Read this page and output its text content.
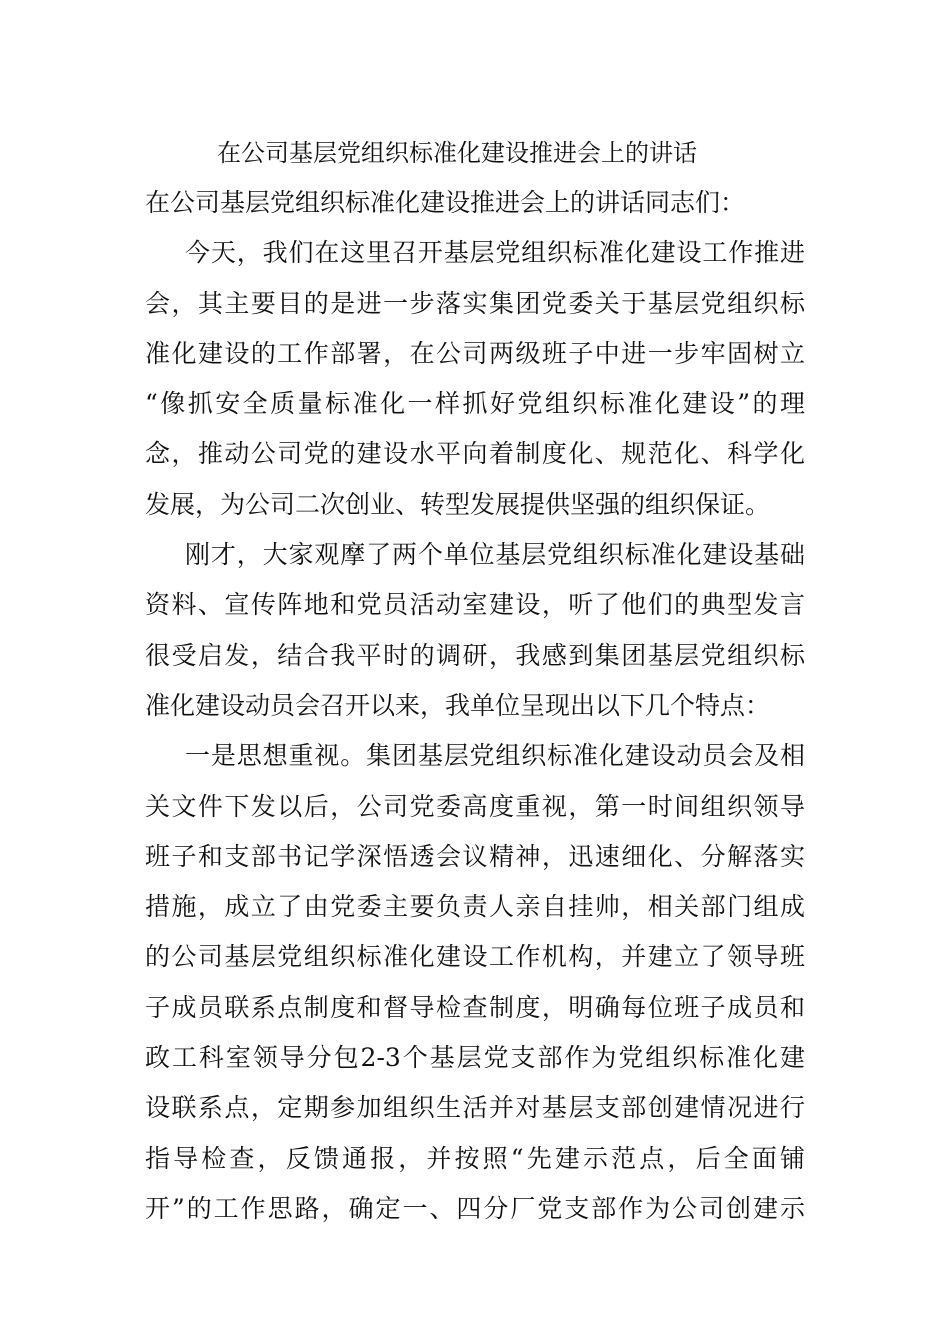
在公司基层党组织标准化建设推进会上的讲话

在公司基层党组织标准化建设推进会上的讲话同志们：

今天，我们在这里召开基层党组织标准化建设工作推进
会，其主要目的是进一步落实集团党委关于基层党组织标
准化建设的工作部署，在公司两级班子中进一步牢固树立
“像抓安全质量标准化一样抓好党组织标准化建设”的理
念，推动公司党的建设水平向着制度化、规范化、科学化
发展，为公司二次创业、转型发展提供坚强的组织保证。

刚才，大家观摩了两个单位基层党组织标准化建设基础
资料、宣传阵地和党员活动室建设，听了他们的典型发言
很受启发，结合我平时的调研，我感到集团基层党组织标
准化建设动员会召开以来，我单位呈现出以下几个特点：

一是思想重视。集团基层党组织标准化建设动员会及相
关文件下发以后，公司党委高度重视，第一时间组织领导
班子和支部书记学深悟透会议精神，迅速细化、分解落实
措施，成立了由党委主要负责人亲自挂帅，相关部门组成
的公司基层党组织标准化建设工作机构，并建立了领导班
子成员联系点制度和督导检查制度，明确每位班子成员和
政工科室领导分包2-3个基层党支部作为党组织标准化建
设联系点，定期参加组织生活并对基层支部创建情况进行
指导检查，反馈通报，并按照“先建示范点，后全面铺
开”的工作思路，确定一、四分厂党支部作为公司创建示
